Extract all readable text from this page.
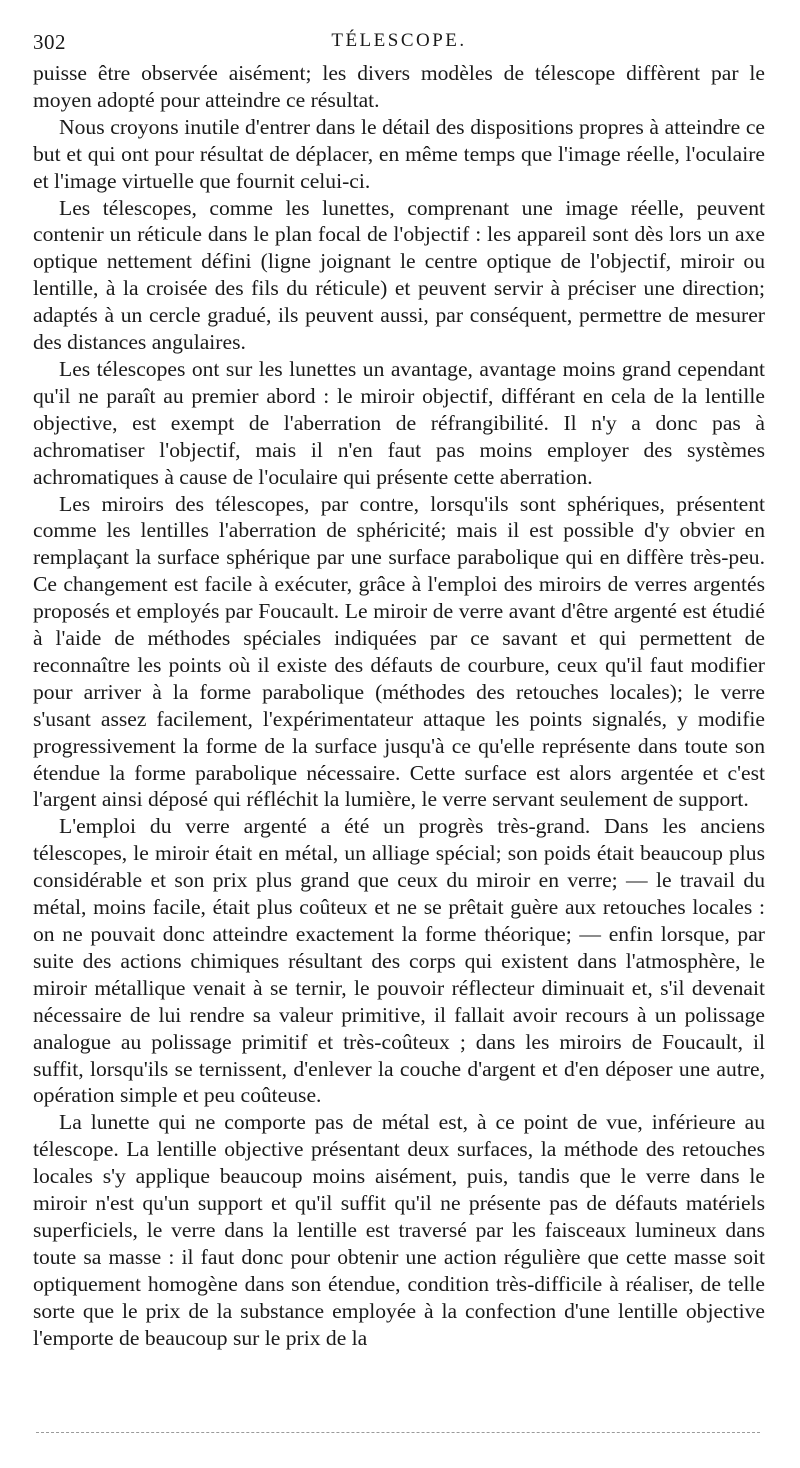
302	TÉLESCOPE.

puisse être observée aisément; les divers modèles de télescope diffèrent par le moyen adopté pour atteindre ce résultat.

Nous croyons inutile d'entrer dans le détail des dispositions propres à atteindre ce but et qui ont pour résultat de déplacer, en même temps que l'image réelle, l'oculaire et l'image virtuelle que fournit celui-ci.

Les télescopes, comme les lunettes, comprenant une image réelle, peuvent contenir un réticule dans le plan focal de l'objectif : les appareil sont dès lors un axe optique nettement défini (ligne joignant le centre optique de l'objectif, miroir ou lentille, à la croisée des fils du réticule) et peuvent servir à préciser une direction; adaptés à un cercle gradué, ils peuvent aussi, par conséquent, permettre de mesurer des distances angulaires.

Les télescopes ont sur les lunettes un avantage, avantage moins grand cependant qu'il ne paraît au premier abord : le miroir objectif, différant en cela de la lentille objective, est exempt de l'aberration de réfrangibilité. Il n'y a donc pas à achromatiser l'objectif, mais il n'en faut pas moins employer des systèmes achromatiques à cause de l'oculaire qui présente cette aberration.

Les miroirs des télescopes, par contre, lorsqu'ils sont sphériques, présentent comme les lentilles l'aberration de sphéricité; mais il est possible d'y obvier en remplaçant la surface sphérique par une surface parabolique qui en diffère très-peu. Ce changement est facile à exécuter, grâce à l'emploi des miroirs de verres argentés proposés et employés par Foucault. Le miroir de verre avant d'être argenté est étudié à l'aide de méthodes spéciales indiquées par ce savant et qui permettent de reconnaître les points où il existe des défauts de courbure, ceux qu'il faut modifier pour arriver à la forme parabolique (méthodes des retouches locales); le verre s'usant assez facilement, l'expérimentateur attaque les points signalés, y modifie progressivement la forme de la surface jusqu'à ce qu'elle représente dans toute son étendue la forme parabolique nécessaire. Cette surface est alors argentée et c'est l'argent ainsi déposé qui réfléchit la lumière, le verre servant seulement de support.

L'emploi du verre argenté a été un progrès très-grand. Dans les anciens télescopes, le miroir était en métal, un alliage spécial; son poids était beaucoup plus considérable et son prix plus grand que ceux du miroir en verre; — le travail du métal, moins facile, était plus coûteux et ne se prêtait guère aux retouches locales : on ne pouvait donc atteindre exactement la forme théorique; — enfin lorsque, par suite des actions chimiques résultant des corps qui existent dans l'atmosphère, le miroir métallique venait à se ternir, le pouvoir réflecteur diminuait et, s'il devenait nécessaire de lui rendre sa valeur primitive, il fallait avoir recours à un polissage analogue au polissage primitif et très-coûteux ; dans les miroirs de Foucault, il suffit, lorsqu'ils se ternissent, d'enlever la couche d'argent et d'en déposer une autre, opération simple et peu coûteuse.

La lunette qui ne comporte pas de métal est, à ce point de vue, inférieure au télescope. La lentille objective présentant deux surfaces, la méthode des retouches locales s'y applique beaucoup moins aisément, puis, tandis que le verre dans le miroir n'est qu'un support et qu'il suffit qu'il ne présente pas de défauts matériels superficiels, le verre dans la lentille est traversé par les faisceaux lumineux dans toute sa masse : il faut donc pour obtenir une action régulière que cette masse soit optiquement homogène dans son étendue, condition très-difficile à réaliser, de telle sorte que le prix de la substance employée à la confection d'une lentille objective l'emporte de beaucoup sur le prix de la
